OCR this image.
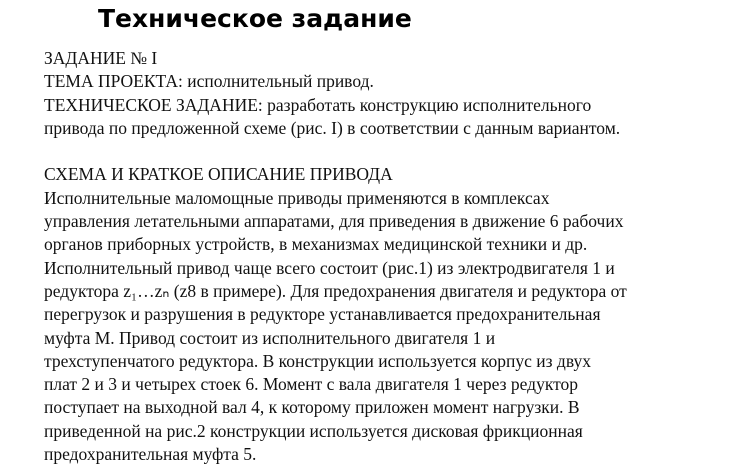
Техническое задание
ЗАДАНИЕ № I
ТЕМА ПРОЕКТА: исполнительный привод.
ТЕХНИЧЕСКОЕ ЗАДАНИЕ: разработать конструкцию исполнительного
привода по предложенной схеме (рис. I) в соответствии с данным вариантом.
СХЕМА И КРАТКОЕ ОПИСАНИЕ ПРИВОДА
Исполнительные маломощные приводы применяются в комплексах
управления летательными аппаратами, для приведения в движение 6 рабочих
органов приборных устройств, в механизмах медицинской техники и др.
Исполнительный привод чаще всего состоит (рис.1) из электродвигателя 1 и
редуктора z₁…zₙ (z8 в примере). Для предохранения двигателя и редуктора от
перегрузок и разрушения в редукторе устанавливается предохранительная
муфта М. Привод состоит из исполнительного двигателя 1 и
трехступенчатого редуктора. В конструкции используется корпус из двух
плат 2 и 3 и четырех стоек 6. Момент с вала двигателя 1 через редуктор
поступает на выходной вал 4, к которому приложен момент нагрузки. В
приведенной на рис.2 конструкции используется дисковая фрикционная
предохранительная муфта 5.
